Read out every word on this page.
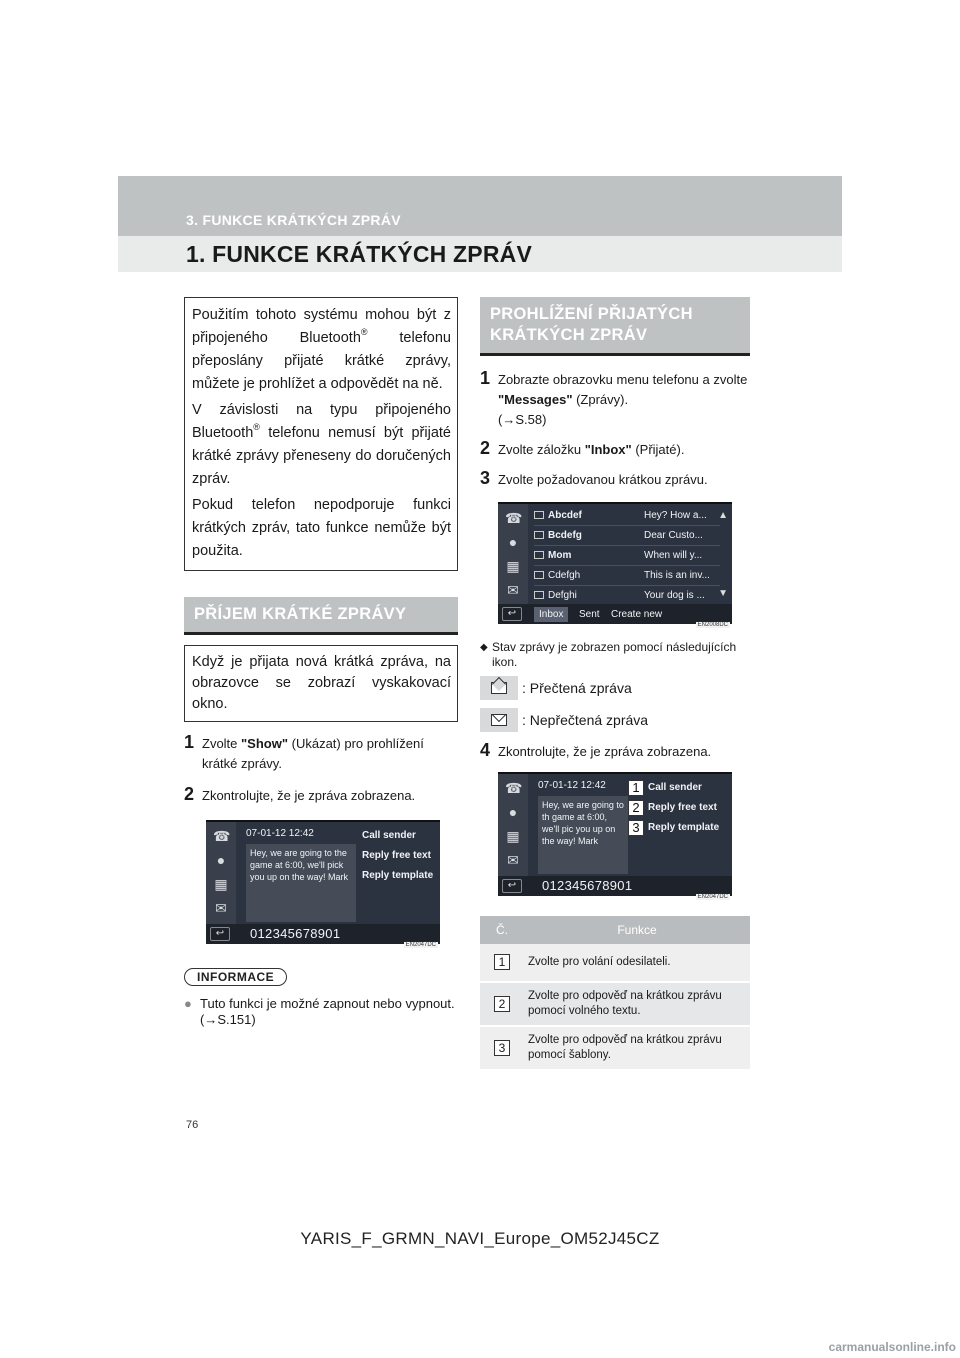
3. FUNKCE KRÁTKÝCH ZPRÁV
1. FUNKCE KRÁTKÝCH ZPRÁV

Použitím tohoto systému mohou být z připojeného Bluetooth® telefonu přeposlány přijaté krátké zprávy, můžete je prohlížet a odpovědět na ně.

V závislosti na typu připojeného Bluetooth® telefonu nemusí být přijaté krátké zprávy přeneseny do doručených zpráv.

Pokud telefon nepodporuje funkci krátkých zpráv, tato funkce nemůže být použita.

PŘÍJEM KRÁTKÉ ZPRÁVY
Když je přijata nová krátká zpráva, na obrazovce se zobrazí vyskakovací okno.
1 Zvolte "Show" (Ukázat) pro prohlížení krátké zprávy.
2 Zkontrolujte, že je zpráva zobrazena.
☎
●
▦
✉
07-01-12 12:42
Hey, we are going to the game at 6:00, we'll pick you up on the way! Mark
Call sender
Reply free text
Reply template
↩	012345678901
EN2047DC
INFORMACE
● Tuto funkci je možné zapnout nebo vypnout. (→S.151)
PROHLÍŽENÍ PŘIJATÝCH KRÁTKÝCH ZPRÁV
1 Zobrazte obrazovku menu telefonu a zvolte "Messages" (Zprávy).
(→S.58)
2 Zvolte záložku "Inbox" (Přijaté).
3 Zvolte požadovanou krátkou zprávu.
☎
●
▦
✉
Abcdef	Hey? How a...
Bcdefg	Dear Custo...
Mom	When will y...
Cdefgh	This is an inv...
Defghi	Your dog is ...
▲
▼
↩	Inbox	Sent	Create new
EN2008DC
◆ Stav zprávy je zobrazen pomocí následujících ikon.
: Přečtená zpráva
: Nepřečtená zpráva
4 Zkontrolujte, že je zpráva zobrazena.
☎
●
▦
✉
07-01-12 12:42
Hey, we are going to th game at 6:00, we'll pic you up on the way! Mark
1
2
3
Call sender
Reply free text
Reply template
↩	012345678901
EN2047DC
Č.	Funkce
1	Zvolte pro volání odesilateli.
2	Zvolte pro odpověď na krátkou zprávu pomocí volného textu.
3	Zvolte pro odpověď na krátkou zprávu pomocí šablony.
76
YARIS_F_GRMN_NAVI_Europe_OM52J45CZ
carmanualsonline.info
